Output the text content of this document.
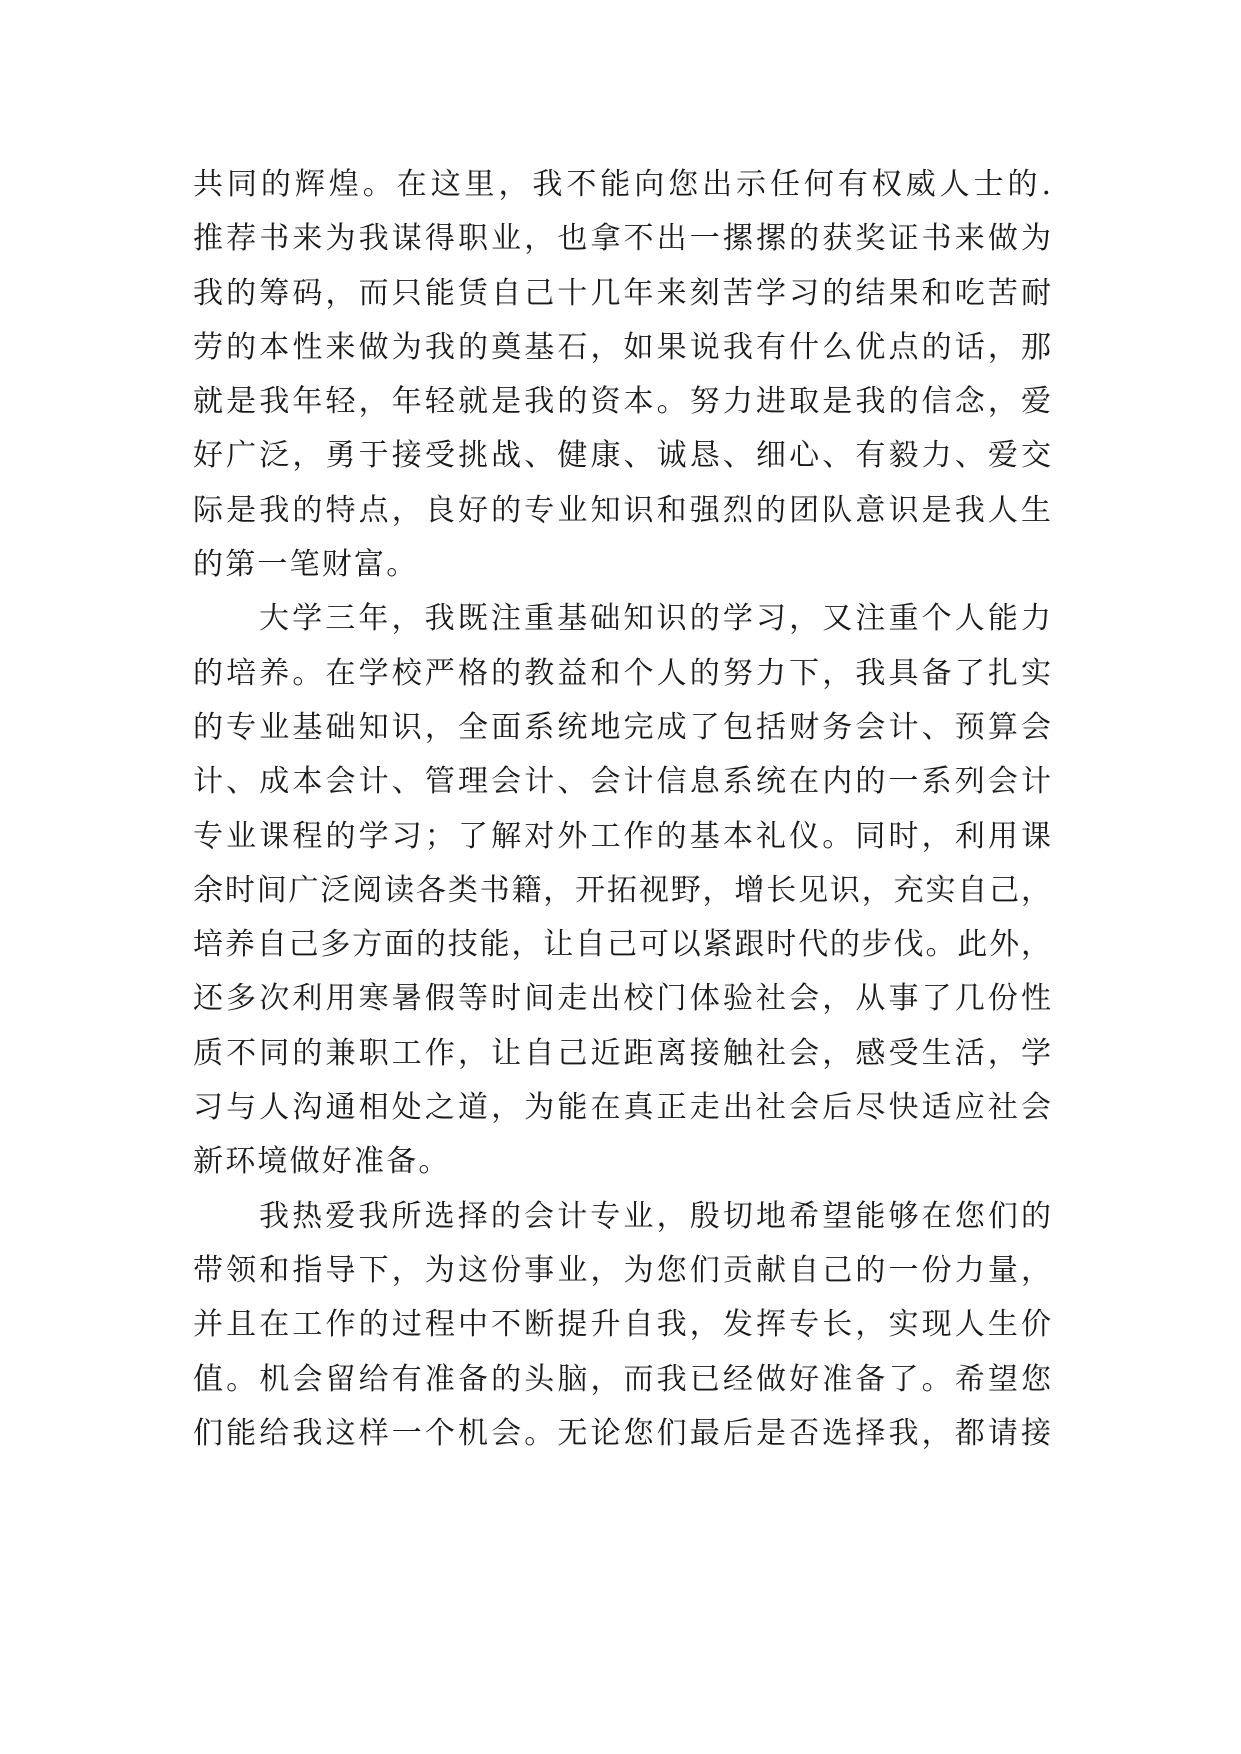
共同的辉煌。在这里，我不能向您出示任何有权威人士的.
推荐书来为我谋得职业，也拿不出一摞摞的获奖证书来做为
我的筹码，而只能赁自己十几年来刻苦学习的结果和吃苦耐
劳的本性来做为我的奠基石，如果说我有什么优点的话，那
就是我年轻，年轻就是我的资本。努力进取是我的信念，爱
好广泛，勇于接受挑战、健康、诚恳、细心、有毅力、爱交
际是我的特点，良好的专业知识和强烈的团队意识是我人生
的第一笔财富。
大学三年，我既注重基础知识的学习，又注重个人能力
的培养。在学校严格的教益和个人的努力下，我具备了扎实
的专业基础知识，全面系统地完成了包括财务会计、预算会
计、成本会计、管理会计、会计信息系统在内的一系列会计
专业课程的学习；了解对外工作的基本礼仪。同时，利用课
余时间广泛阅读各类书籍，开拓视野，增长见识，充实自己，
培养自己多方面的技能，让自己可以紧跟时代的步伐。此外，
还多次利用寒暑假等时间走出校门体验社会，从事了几份性
质不同的兼职工作，让自己近距离接触社会，感受生活，学
习与人沟通相处之道，为能在真正走出社会后尽快适应社会
新环境做好准备。
我热爱我所选择的会计专业，殷切地希望能够在您们的
带领和指导下，为这份事业，为您们贡献自己的一份力量，
并且在工作的过程中不断提升自我，发挥专长，实现人生价
值。机会留给有准备的头脑，而我已经做好准备了。希望您
们能给我这样一个机会。无论您们最后是否选择我，都请接
